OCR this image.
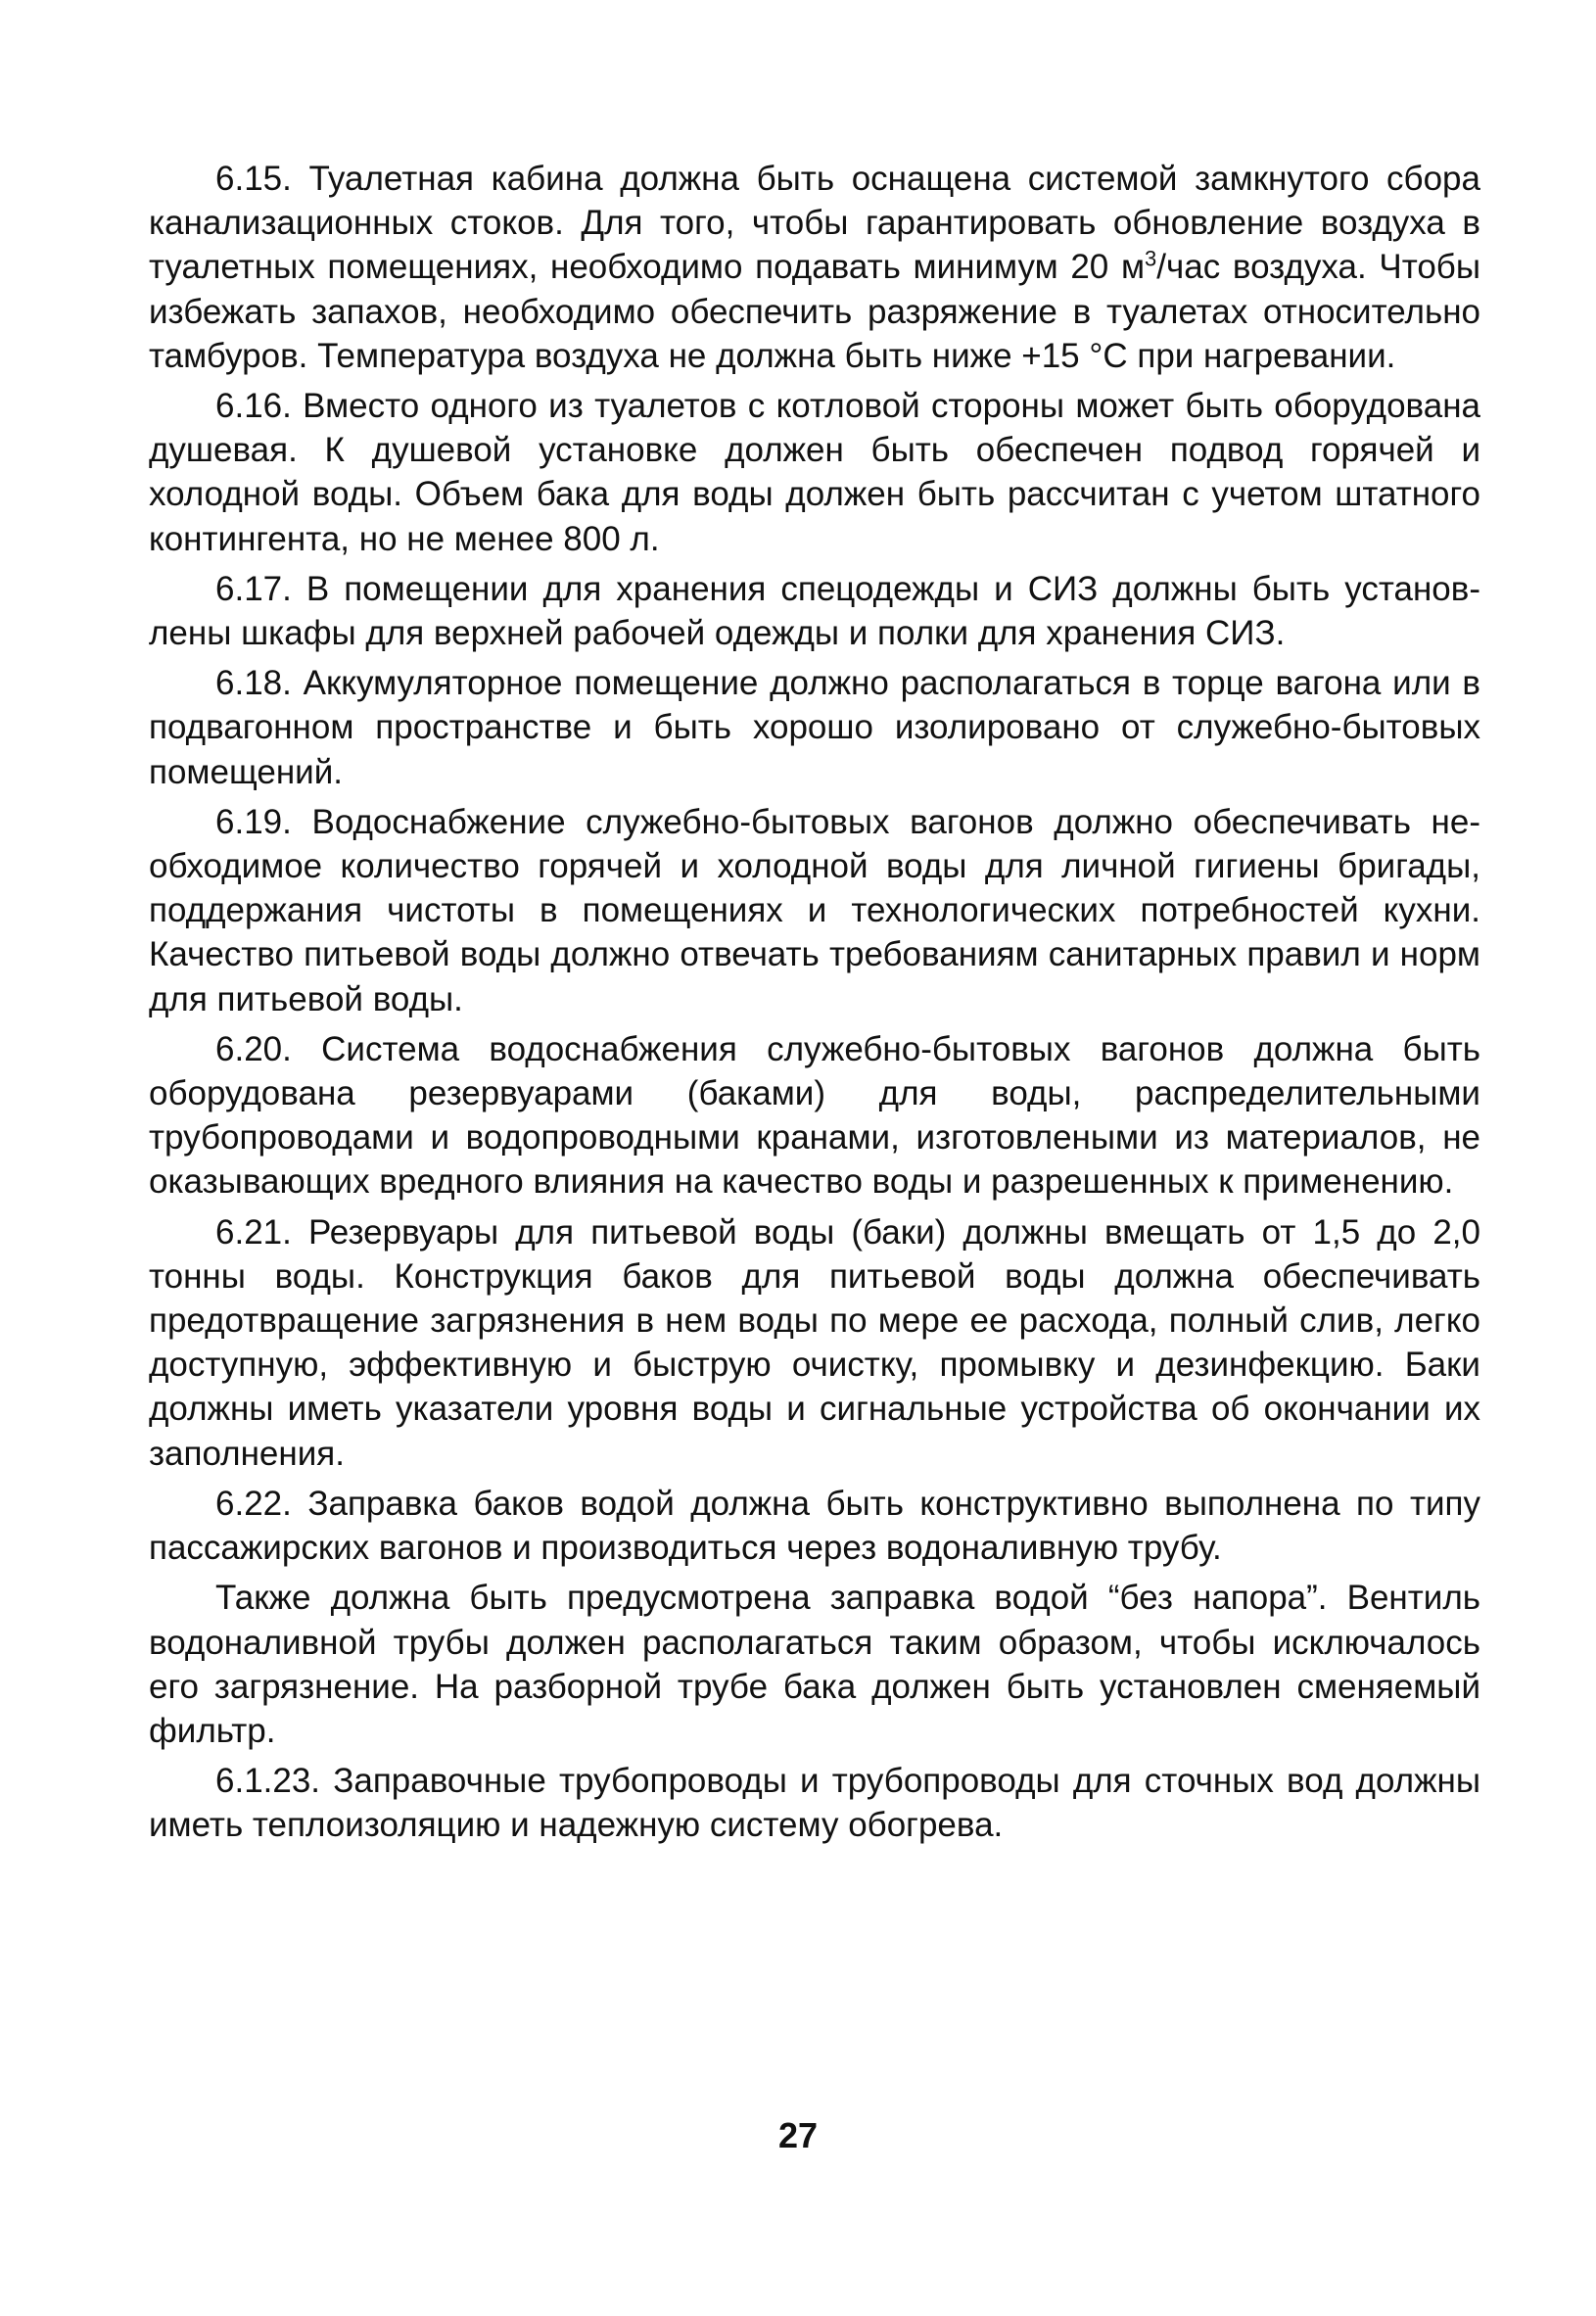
6.15. Туалетная кабина должна быть оснащена системой замкнутого сбора канализационных стоков. Для того, чтобы гарантировать обновление воздуха в туалетных помещениях, необходимо подавать минимум 20 $м^3$/час воздуха. Чтобы избежать запахов, необходимо обеспечить разряжение в туалетах относительно тамбуров. Температура воздуха не должна быть ниже +15 °С при нагревании.

6.16. Вместо одного из туалетов с котловой стороны может быть оборудована душевая. К душевой установке должен быть обеспечен подвод горячей и холодной воды. Объем бака для воды должен быть рассчитан с учетом штатного контингента, но не менее 800 л.

6.17. В помещении для хранения спецодежды и СИЗ должны быть установлены шкафы для верхней рабочей одежды и полки для хранения СИЗ.

6.18. Аккумуляторное помещение должно располагаться в торце вагона или в подвагонном пространстве и быть хорошо изолировано от служебно-бытовых помещений.

6.19. Водоснабжение служебно-бытовых вагонов должно обеспечивать необходимое количество горячей и холодной воды для личной гигиены бригады, поддержания чистоты в помещениях и технологических потребностей кухни. Качество питьевой воды должно отвечать требованиям санитарных правил и норм для питьевой воды.

6.20. Система водоснабжения служебно-бытовых вагонов должна быть оборудована резервуарами (баками) для воды, распределительными трубопроводами и водопроводными кранами, изготовлеными из материалов, не оказывающих вредного влияния на качество воды и разрешенных к применению.

6.21. Резервуары для питьевой воды (баки) должны вмещать от 1,5 до 2,0 тонны воды. Конструкция баков для питьевой воды должна обеспечивать предотвращение загрязнения в нем воды по мере ее расхода, полный слив, легко доступную, эффективную и быструю очистку, промывку и дезинфекцию. Баки должны иметь указатели уровня воды и сигнальные устройства об окончании их заполнения.

6.22. Заправка баков водой должна быть конструктивно выполнена по типу пассажирских вагонов и производиться через водоналивную трубу.

Также должна быть предусмотрена заправка водой “без напора”. Вентиль водоналивной трубы должен располагаться таким образом, чтобы исключалось его загрязнение. На разборной трубе бака должен быть установлен сменяемый фильтр.

6.1.23. Заправочные трубопроводы и трубопроводы для сточных вод должны иметь теплоизоляцию и надежную систему обогрева.

27
